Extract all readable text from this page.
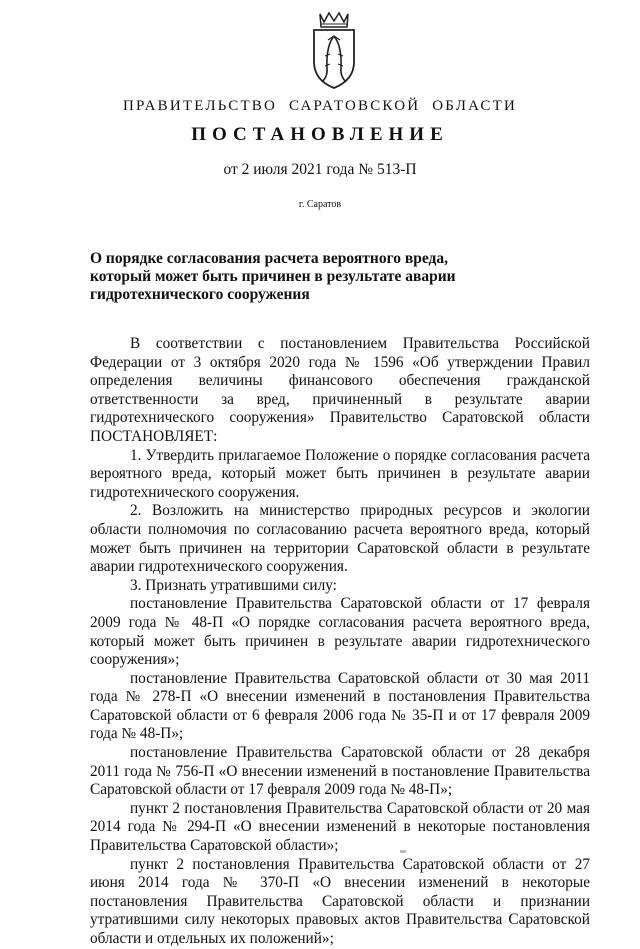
ПРАВИТЕЛЬСТВО САРАТОВСКОЙ ОБЛАСТИ
ПОСТАНОВЛЕНИЕ
от 2 июля 2021 года № 513-П
г. Саратов
О порядке согласования расчета вероятного вреда, который может быть причинен в результате аварии гидротехнического сооружения

В соответствии с постановлением Правительства Российской Федерации от 3 октября 2020 года № 1596 «Об утверждении Правил определения величины финансового обеспечения гражданской ответственности за вред, причиненный в результате аварии гидротехнического сооружения» Правительство Саратовской области ПОСТАНОВЛЯЕТ:

1. Утвердить прилагаемое Положение о порядке согласования расчета вероятного вреда, который может быть причинен в результате аварии гидротехнического сооружения.

2. Возложить на министерство природных ресурсов и экологии области полномочия по согласованию расчета вероятного вреда, который может быть причинен на территории Саратовской области в результате аварии гидротехнического сооружения.

3. Признать утратившими силу:

постановление Правительства Саратовской области от 17 февраля 2009 года № 48-П «О порядке согласования расчета вероятного вреда, который может быть причинен в результате аварии гидротехнического сооружения»;

постановление Правительства Саратовской области от 30 мая 2011 года № 278-П «О внесении изменений в постановления Правительства Саратовской области от 6 февраля 2006 года № 35-П и от 17 февраля 2009 года № 48-П»;

постановление Правительства Саратовской области от 28 декабря 2011 года № 756-П «О внесении изменений в постановление Правительства Саратовской области от 17 февраля 2009 года № 48-П»;

пункт 2 постановления Правительства Саратовской области от 20 мая 2014 года № 294-П «О внесении изменений в некоторые постановления Правительства Саратовской области»;

пункт 2 постановления Правительства Саратовской области от 27 июня 2014 года № 370-П «О внесении изменений в некоторые постановления Правительства Саратовской области и признании утратившими силу некоторых правовых актов Правительства Саратовской области и отдельных их положений»;
